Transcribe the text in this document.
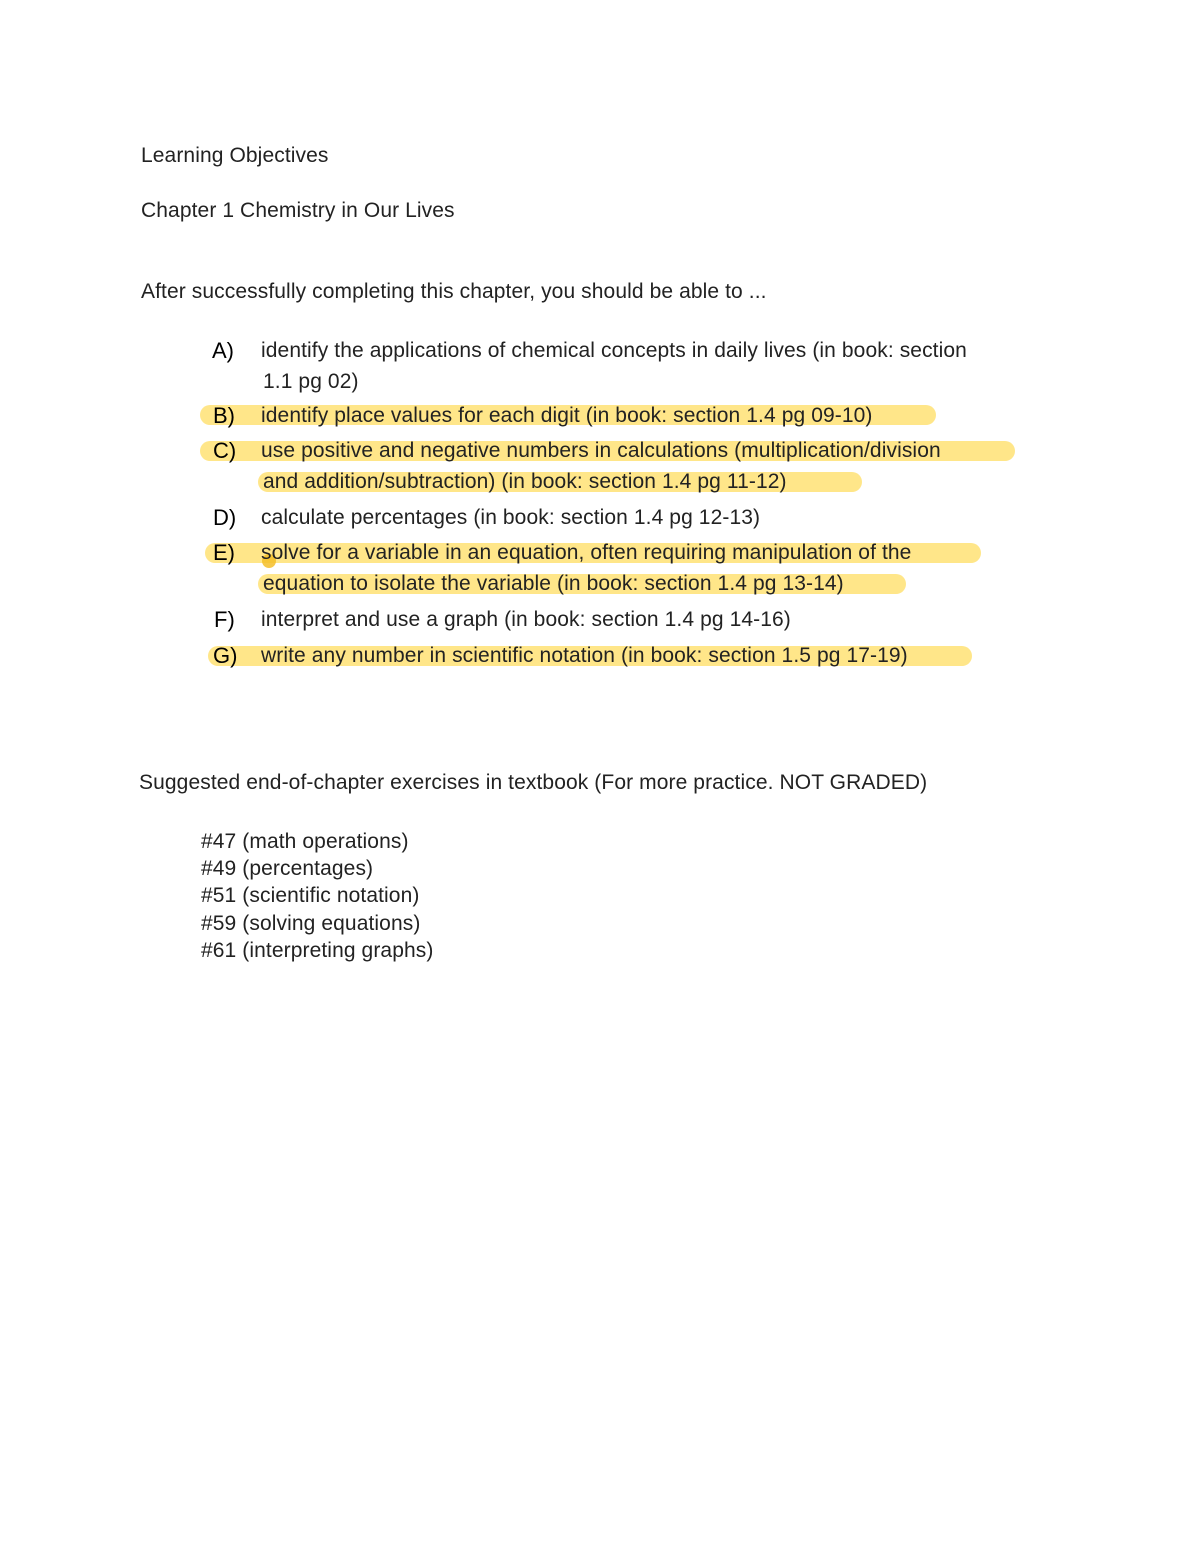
Learning Objectives
Chapter 1 Chemistry in Our Lives
After successfully completing this chapter, you should be able to ...
A) identify the applications of chemical concepts in daily lives (in book: section
1.1 pg 02)
B) identify place values for each digit (in book: section 1.4 pg 09-10)
C) use positive and negative numbers in calculations (multiplication/division
and addition/subtraction) (in book: section 1.4 pg 11-12)
D) calculate percentages (in book: section 1.4 pg 12-13)
E) solve for a variable in an equation, often requiring manipulation of the
equation to isolate the variable (in book: section 1.4 pg 13-14)
F) interpret and use a graph (in book: section 1.4 pg 14-16)
G) write any number in scientific notation (in book: section 1.5 pg 17-19)
Suggested end-of-chapter exercises in textbook (For more practice. NOT GRADED)
#47 (math operations)
#49 (percentages)
#51 (scientific notation)
#59 (solving equations)
#61 (interpreting graphs)
